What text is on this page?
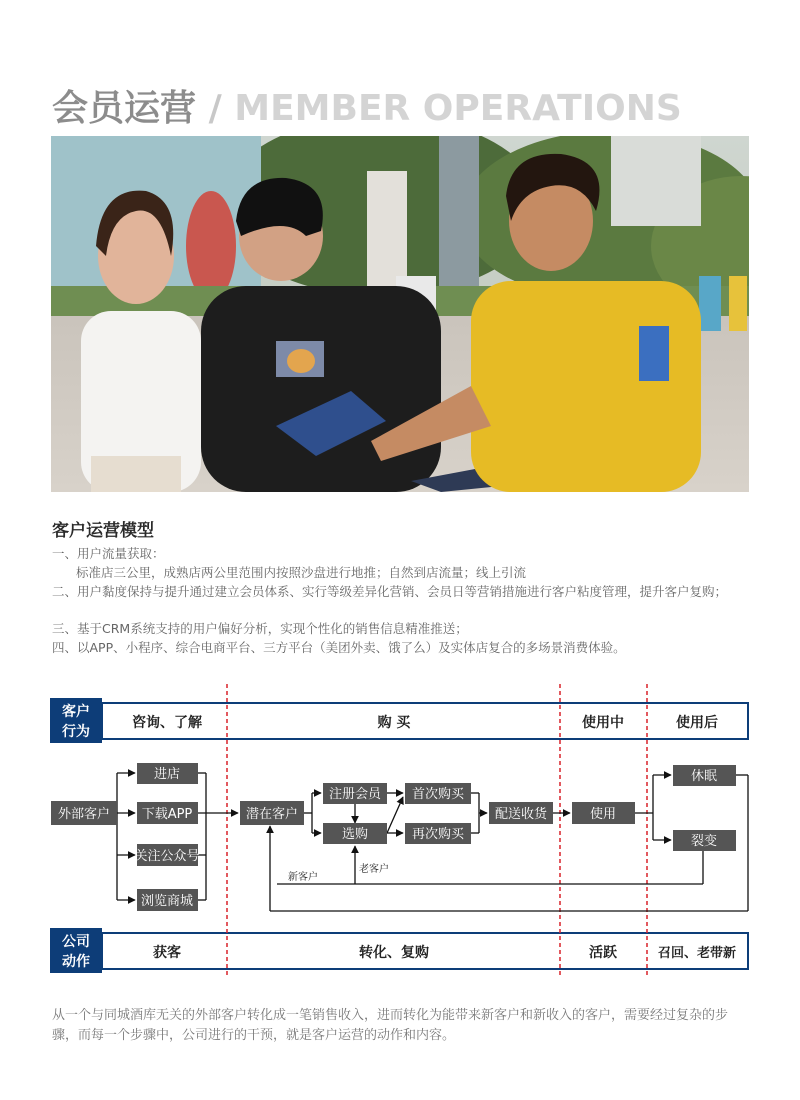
会员运营 / MEMBER OPERATIONS
客户运营模型
一、用户流量获取：
标准店三公里，成熟店两公里范围内按照沙盘进行地推；自然到店流量；线上引流
二、用户黏度保持与提升通过建立会员体系、实行等级差异化营销、会员日等营销措施进行客户粘度管理，提升客户复购；
三、基于CRM系统支持的用户偏好分析，实现个性化的销售信息精准推送；
四、以APP、小程序、综合电商平台、三方平台（美团外卖、饿了么）及实体店复合的多场景消费体验。
客户
行为
咨询、了解	购 买	使用中	使用后
公司
动作
获客	转化、复购	活跃	召回、老带新
外部客户
进店
下载APP
关注公众号
浏览商城
潜在客户
注册会员
选购
首次购买
再次购买
配送收货	使用
休眠
裂变
新客户
老客户
从一个与同城酒库无关的外部客户转化成一笔销售收入，进而转化为能带来新客户和新收入的客户，需要经过复杂的步骤，而每一个步骤中，公司进行的干预，就是客户运营的动作和内容。
